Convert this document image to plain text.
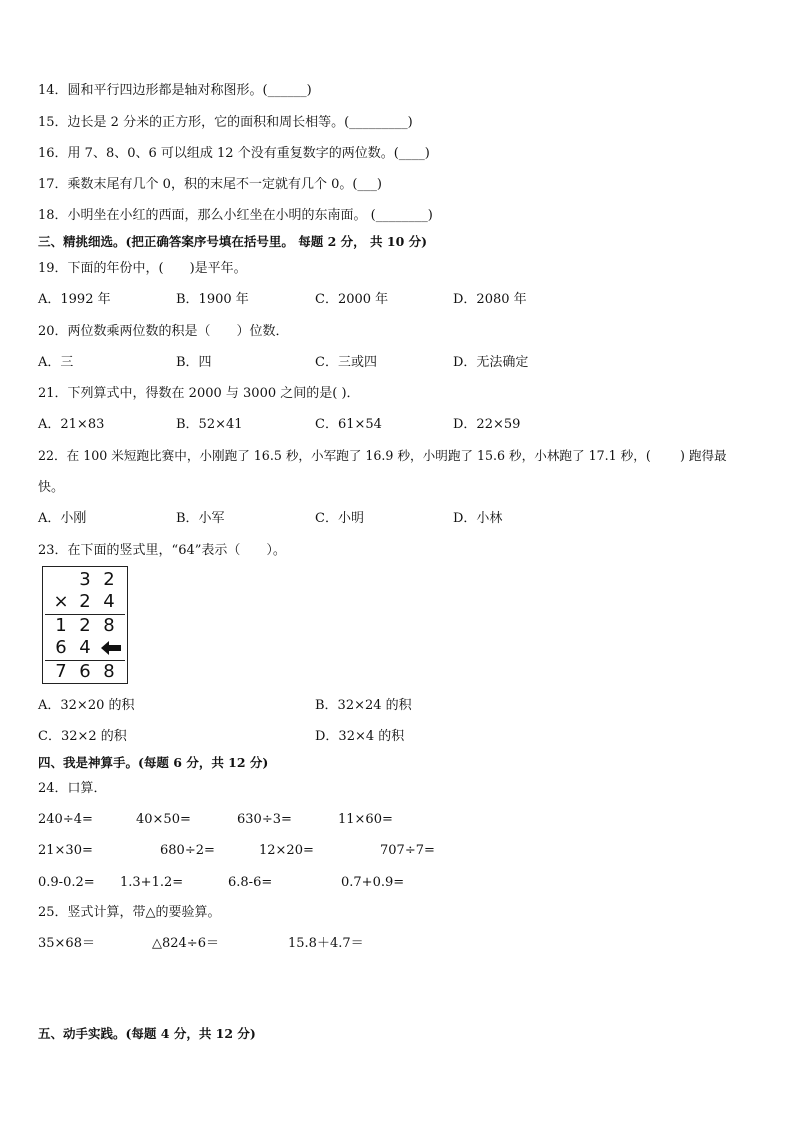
14．圆和平行四边形都是轴对称图形。(______)
15．边长是 2 分米的正方形，它的面积和周长相等。(_________)
16．用 7、8、0、6 可以组成 12 个没有重复数字的两位数。(____)
17．乘数末尾有几个 0，积的末尾不一定就有几个 0。(___)
18．小明坐在小红的西面，那么小红坐在小明的东南面。 (________)
三、精挑细选。(把正确答案序号填在括号里。 每题 2 分， 共 10 分)
19．下面的年份中，(　　)是平年。
A．1992 年	B．1900 年	C．2000 年	D．2080 年
20．两位数乘两位数的积是（　　）位数．
A．三	B．四	C．三或四	D．无法确定
21．下列算式中，得数在 2000 与 3000 之间的是( )．
A．21×83	B．52×41	C．61×54	D．22×59
22．在 100 米短跑比赛中，小刚跑了 16.5 秒，小军跑了 16.9 秒，小明跑了 15.6 秒，小林跑了 17.1 秒，(　　 ) 跑得最
快。
A．小刚	B．小军	C．小明	D．小林
23．在下面的竖式里，“64”表示（　　）。
3 2
× 2 4
1 2 8
6 4
7 6 8
A．32×20 的积	B．32×24 的积
C．32×2 的积	D．32×4 的积
四、我是神算手。(每题 6 分，共 12 分)
24．口算．
240÷4=	40×50=	630÷3=	11×60=
21×30=	680÷2=	12×20=	707÷7=
0.9-0.2= 1.3+1.2=	6.8-6=	0.7+0.9=
25．竖式计算，带△的要验算。
35×68＝	△824÷6＝	15.8＋4.7＝
五、动手实践。(每题 4 分，共 12 分)
